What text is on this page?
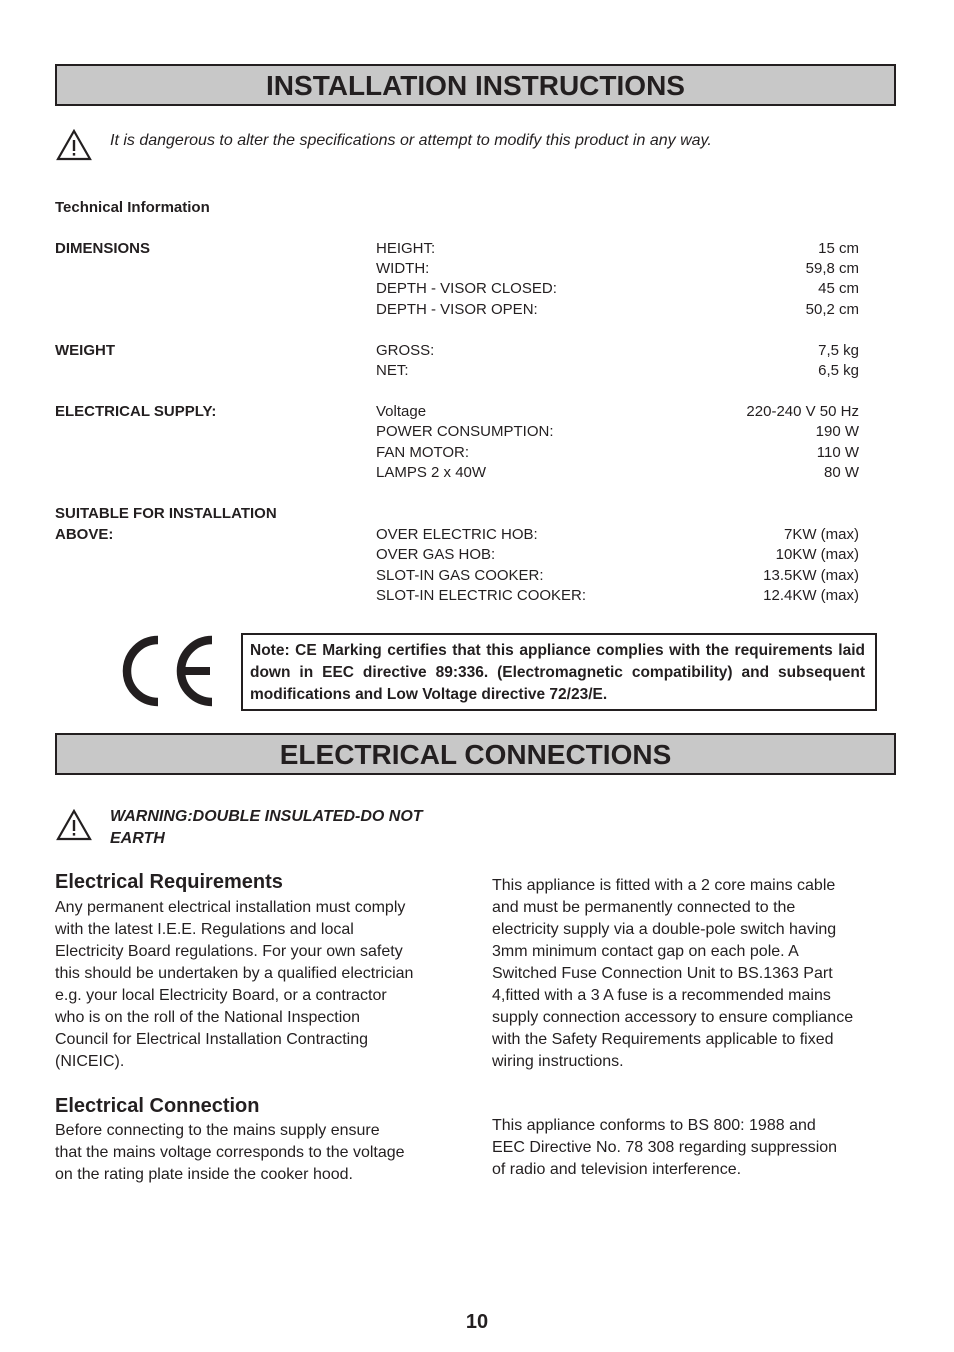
INSTALLATION INSTRUCTIONS
It is dangerous to alter the specifications or attempt to modify this product in any way.
Technical Information
DIMENSIONS	HEIGHT:	15 cm
WIDTH:	59,8 cm
DEPTH - VISOR CLOSED:	45 cm
DEPTH - VISOR OPEN:	50,2 cm
WEIGHT	GROSS:	7,5 kg
NET:	6,5 kg
ELECTRICAL SUPPLY:	Voltage	220-240 V 50 Hz
POWER CONSUMPTION:	190 W
FAN MOTOR:	110 W
LAMPS 2 x 40W	80 W
SUITABLE FOR INSTALLATION
ABOVE:	OVER ELECTRIC HOB:	7KW (max)
OVER GAS HOB:	10KW (max)
SLOT-IN GAS COOKER:	13.5KW (max)
SLOT-IN ELECTRIC COOKER:	12.4KW (max)
Note: CE Marking certifies that this appliance complies with the requirements laid down in EEC directive 89:336. (Electromagnetic compatibility) and subsequent modifications and Low Voltage directive 72/23/E.
ELECTRICAL CONNECTIONS
WARNING:DOUBLE INSULATED-DO NOT
EARTH
Electrical Requirements
Any permanent electrical installation must comply with the latest I.E.E. Regulations and local Electricity Board regulations. For your own safety this should be undertaken by a qualified electrician e.g. your local Electricity Board, or a contractor who is on the roll of the National Inspection Council for Electrical Installation Contracting (NICEIC).
Electrical Connection
Before connecting to the mains supply ensure that the mains voltage corresponds to the voltage on the rating plate inside the cooker hood.
This appliance is fitted with a 2 core mains cable and must be permanently connected to the electricity supply via a double-pole switch having 3mm minimum contact gap on each pole. A Switched Fuse Connection Unit to BS.1363 Part 4,fitted with a 3 A fuse is a recommended mains supply connection accessory to ensure compliance with the Safety Requirements applicable to fixed wiring instructions.
This appliance conforms to BS 800: 1988 and EEC Directive No. 78 308 regarding suppression of radio and television interference.
10
